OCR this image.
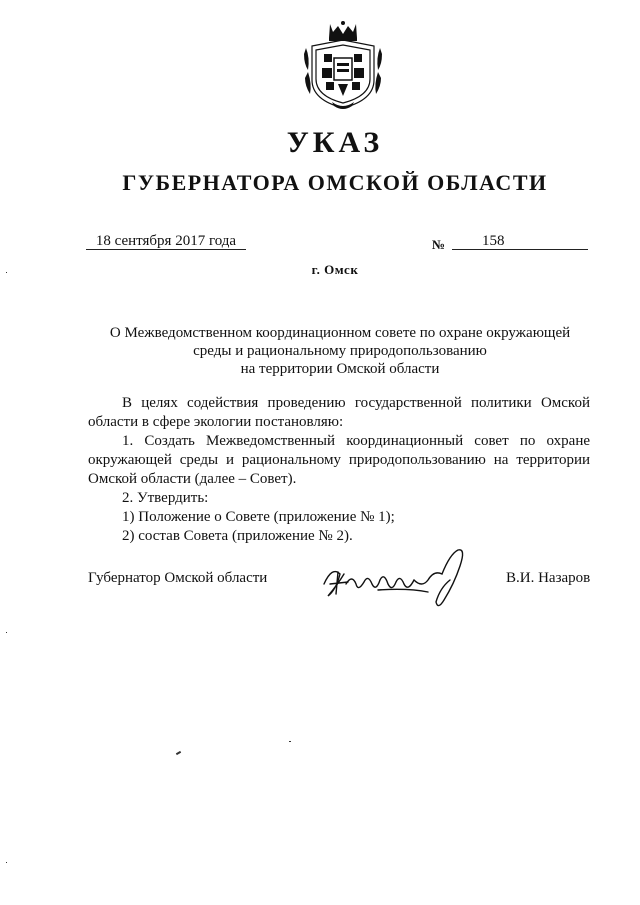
УКАЗ
ГУБЕРНАТОРА ОМСКОЙ ОБЛАСТИ
18 сентября 2017 года	№	158
г. Омск
О Межведомственном координационном совете по охране окружающей
среды и рациональному природопользованию
на территории Омской области

В целях содействия проведению государственной политики Омской области в сфере экологии постановляю:

1. Создать Межведомственный координационный совет по охране окружающей среды и рациональному природопользованию на территории Омской области (далее – Совет).

2. Утвердить:

1) Положение о Совете (приложение № 1);

2) состав Совета (приложение № 2).

Губернатор Омской области	В.И. Назаров
